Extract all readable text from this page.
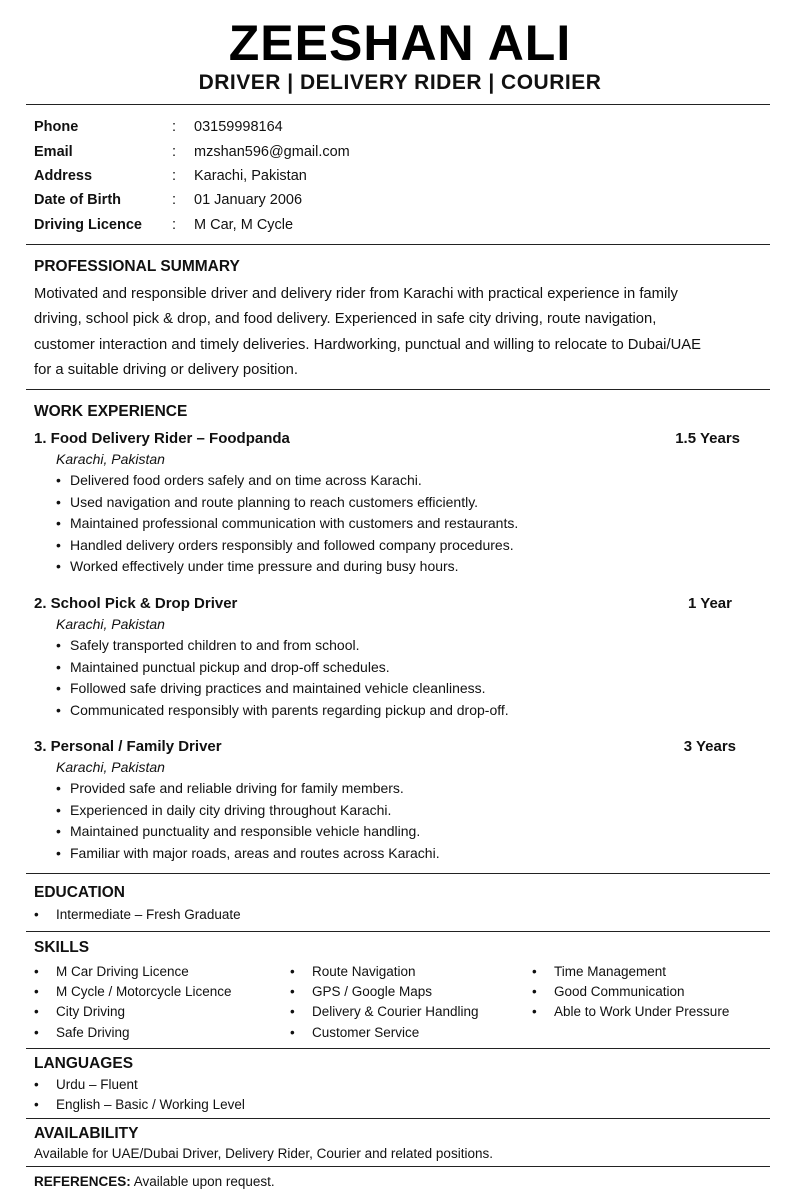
ZEESHAN ALI
DRIVER | DELIVERY RIDER | COURIER
Phone	:	03159998164
Email	:	mzshan596@gmail.com
Address	:	Karachi, Pakistan
Date of Birth	:	01 January 2006
Driving Licence	:	M Car, M Cycle
PROFESSIONAL SUMMARY
Motivated and responsible driver and delivery rider from Karachi with practical experience in family driving, school pick & drop, and food delivery. Experienced in safe city driving, route navigation, customer interaction and timely deliveries. Hardworking, punctual and willing to relocate to Dubai/UAE for a suitable driving or delivery position.
WORK EXPERIENCE
1. Food Delivery Rider – Foodpanda	1.5 Years
Karachi, Pakistan
• Delivered food orders safely and on time across Karachi.
• Used navigation and route planning to reach customers efficiently.
• Maintained professional communication with customers and restaurants.
• Handled delivery orders responsibly and followed company procedures.
• Worked effectively under time pressure and during busy hours.
2. School Pick & Drop Driver	1 Year
Karachi, Pakistan
• Safely transported children to and from school.
• Maintained punctual pickup and drop-off schedules.
• Followed safe driving practices and maintained vehicle cleanliness.
• Communicated responsibly with parents regarding pickup and drop-off.
3. Personal / Family Driver	3 Years
Karachi, Pakistan
• Provided safe and reliable driving for family members.
• Experienced in daily city driving throughout Karachi.
• Maintained punctuality and responsible vehicle handling.
• Familiar with major roads, areas and routes across Karachi.
EDUCATION
•	Intermediate – Fresh Graduate
SKILLS
•	M Car Driving Licence
•	M Cycle / Motorcycle Licence
•	City Driving
•	Safe Driving
•	Route Navigation
•	GPS / Google Maps
•	Delivery & Courier Handling
•	Customer Service
•	Time Management
•	Good Communication
•	Able to Work Under Pressure
LANGUAGES
•	Urdu – Fluent
•	English – Basic / Working Level
AVAILABILITY
Available for UAE/Dubai Driver, Delivery Rider, Courier and related positions.
REFERENCES: Available upon request.
